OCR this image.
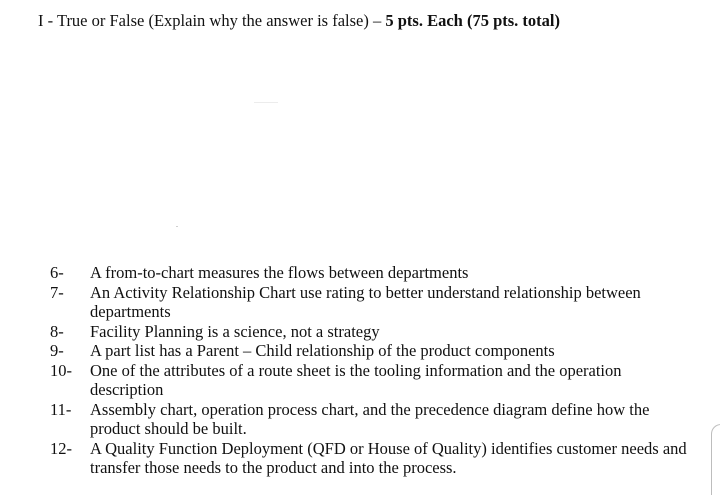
I - True or False (Explain why the answer is false) – 5 pts. Each (75 pts. total)
6-	A from-to-chart measures the flows between departments
7-	An Activity Relationship Chart use rating to better understand relationship between departments
8-	Facility Planning is a science, not a strategy
9-	A part list has a Parent – Child relationship of the product components
10-	One of the attributes of a route sheet is the tooling information and the operation description
11-	Assembly chart, operation process chart, and the precedence diagram define how the product should be built.
12-	A Quality Function Deployment (QFD or House of Quality) identifies customer needs and transfer those needs to the product and into the process.
